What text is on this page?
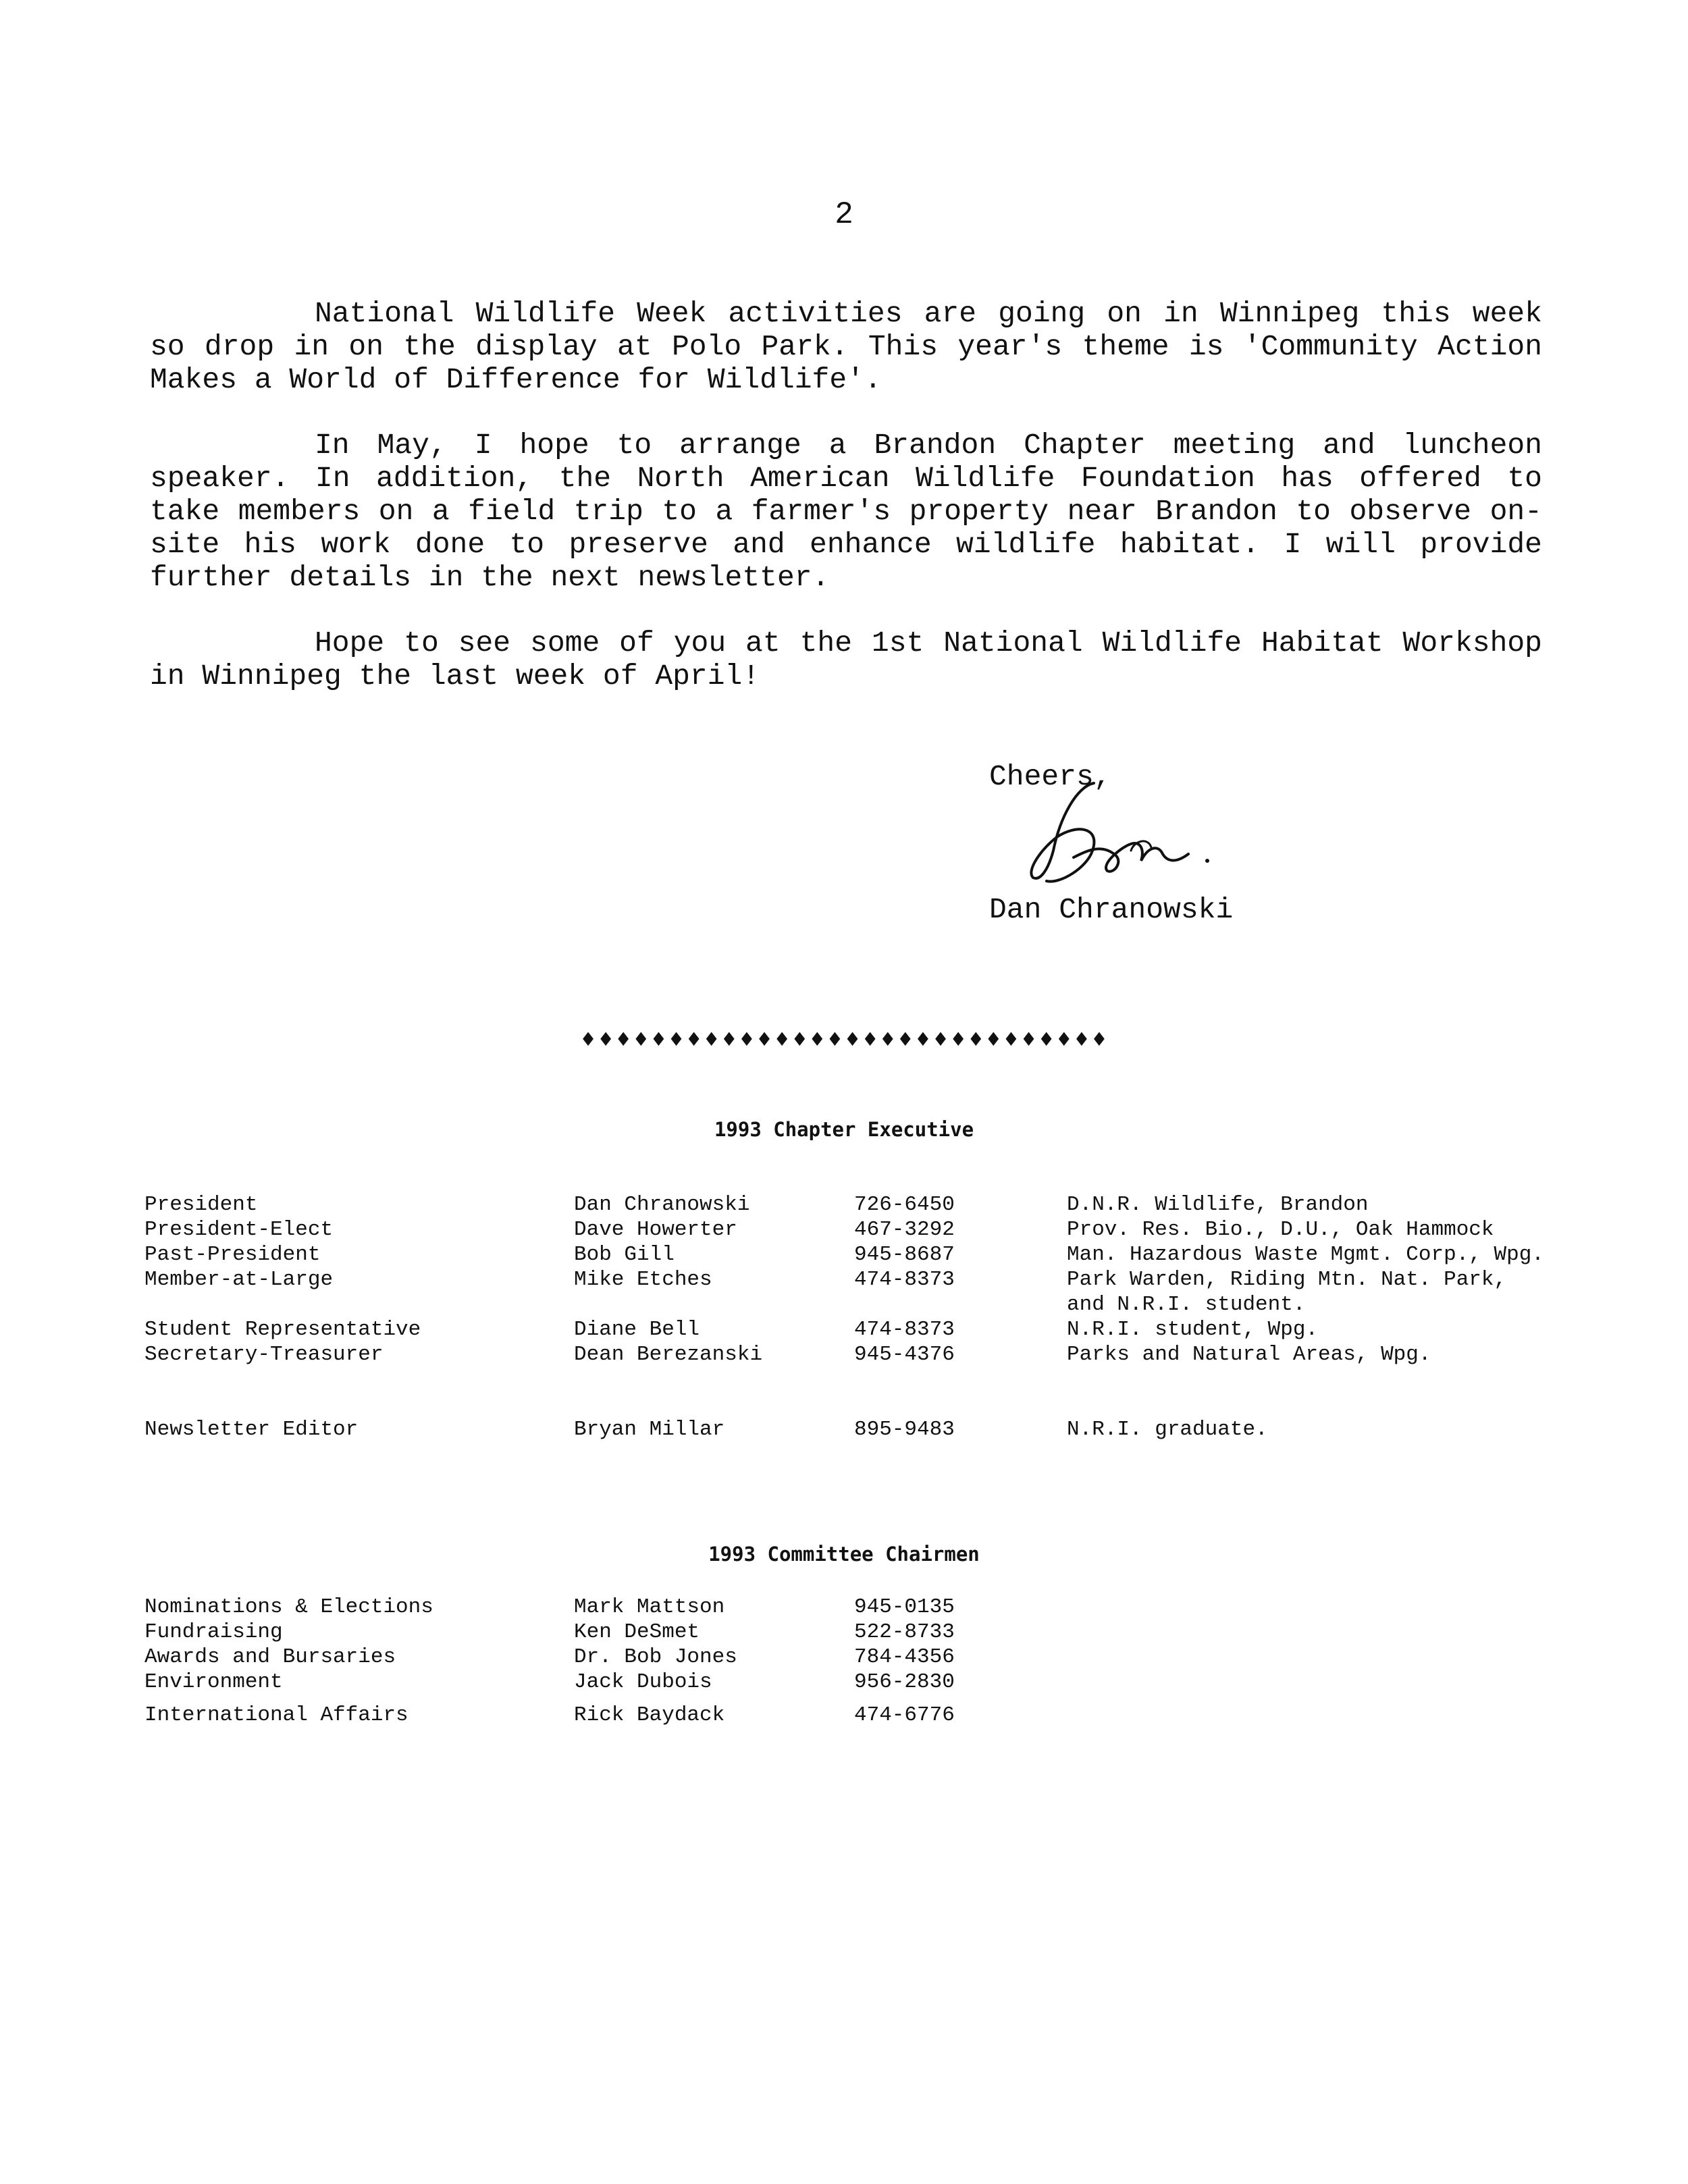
2

National Wildlife Week activities are going on in Winnipeg this week so drop in on the display at Polo Park. This year's theme is 'Community Action Makes a World of Difference for Wildlife'.

In May, I hope to arrange a Brandon Chapter meeting and luncheon speaker. In addition, the North American Wildlife Foundation has offered to take members on a field trip to a farmer's property near Brandon to observe on-site his work done to preserve and enhance wildlife habitat. I will provide further details in the next newsletter.

Hope to see some of you at the 1st National Wildlife Habitat Workshop in Winnipeg the last week of April!

Cheers,
Dan Chranowski
♦♦♦♦♦♦♦♦♦♦♦♦♦♦♦♦♦♦♦♦♦♦♦♦♦♦♦♦♦♦
1993 Chapter Executive
President	Dan Chranowski	726-6450	D.N.R. Wildlife, Brandon
President-Elect	Dave Howerter	467-3292	Prov. Res. Bio., D.U., Oak Hammock
Past-President	Bob Gill	945-8687	Man. Hazardous Waste Mgmt. Corp., Wpg.
Member-at-Large	Mike Etches	474-8373	Park Warden, Riding Mtn. Nat. Park, and N.R.I. student.
Student Representative	Diane Bell	474-8373	N.R.I. student, Wpg.
Secretary-Treasurer	Dean Berezanski	945-4376	Parks and Natural Areas, Wpg.
Newsletter Editor	Bryan Millar	895-9483	N.R.I. graduate.
1993 Committee Chairmen
Nominations & Elections	Mark Mattson	945-0135
Fundraising	Ken DeSmet	522-8733
Awards and Bursaries	Dr. Bob Jones	784-4356
Environment	Jack Dubois	956-2830
International Affairs	Rick Baydack	474-6776
